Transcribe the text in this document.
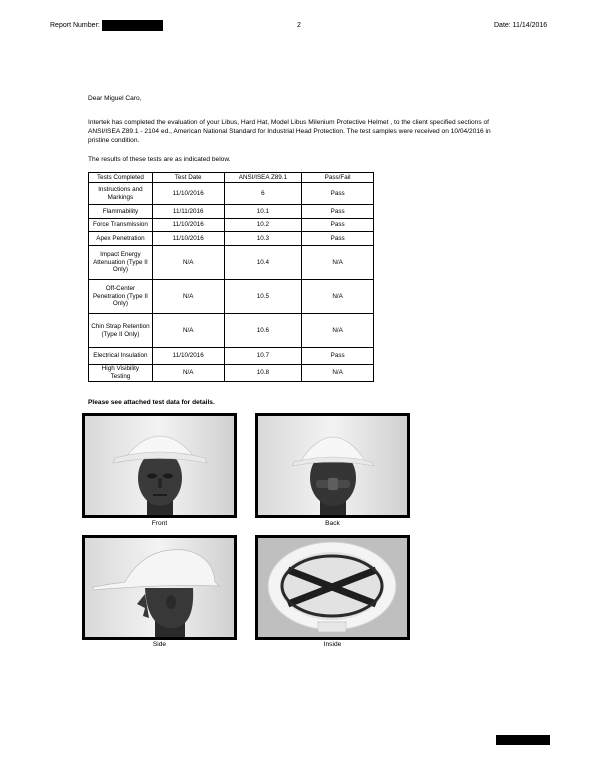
Report Number:	2	Date: 11/14/2016

Dear Miguel Caro,

Intertek has completed the evaluation of your Libus, Hard Hat, Model Libus Milenium Protective Helmet , to the client specified sections of ANSI/ISEA Z89.1 - 2104 ed., American National Standard for Industrial Head Protection. The test samples were received on 10/04/2016 in pristine condition.

The results of these tests are as indicated below.

Tests Completed	Test Date	ANSI/ISEA Z89.1	Pass/Fail
Instructions and Markings	11/10/2016	6	Pass
Flammability	11/11/2016	10.1	Pass
Force Transmission	11/10/2016	10.2	Pass
Apex Penetration	11/10/2016	10.3	Pass
Impact Energy Attenuation (Type II Only)	N/A	10.4	N/A
Off-Center Penetration (Type II Only)	N/A	10.5	N/A
Chin Strap Retention (Type II Only)	N/A	10.6	N/A
Electrical Insulation	11/10/2016	10.7	Pass
High Visibility Testing	N/A	10.8	N/A

Please see attached test data for details.

Front	Back
Side	Inside
